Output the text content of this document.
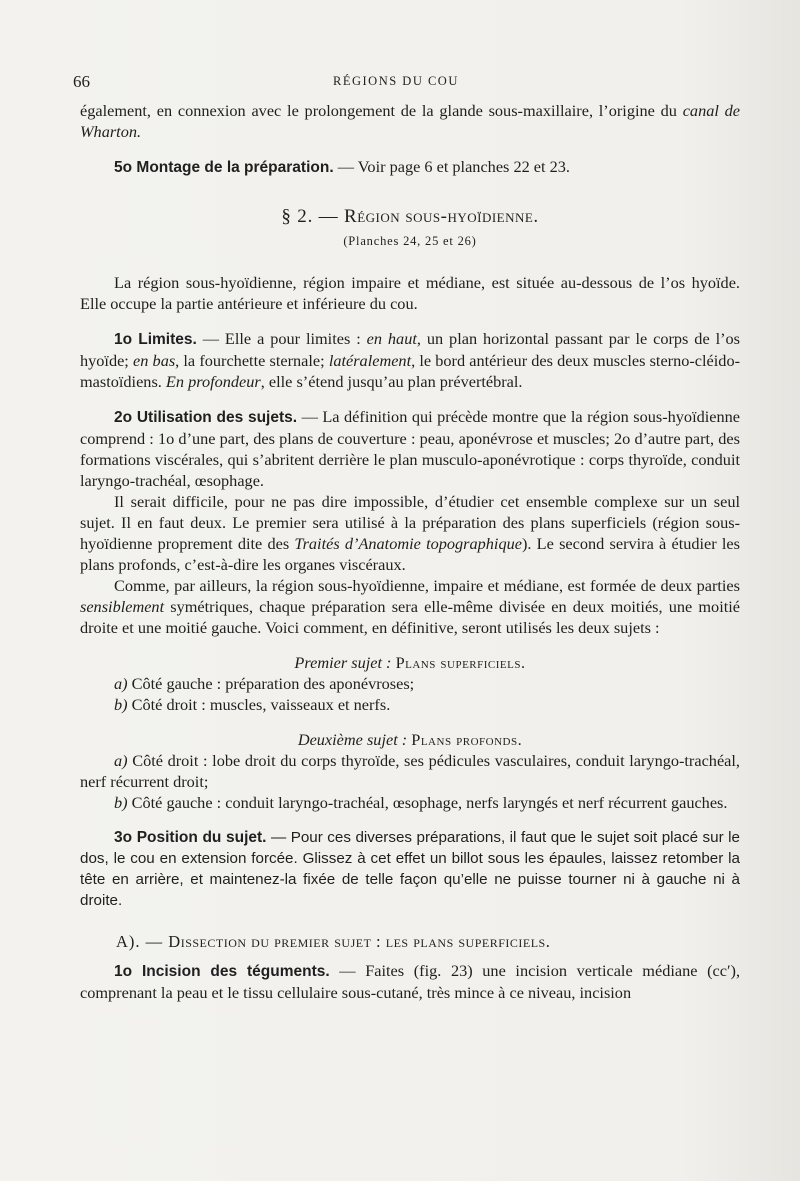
66	RÉGIONS DU COU

également, en connexion avec le prolongement de la glande sous-maxillaire, l’origine du canal de Wharton.

5o Montage de la préparation. — Voir page 6 et planches 22 et 23.

§ 2. — Région sous-hyoïdienne.

(Planches 24, 25 et 26)

La région sous-hyoïdienne, région impaire et médiane, est située au-dessous de l’os hyoïde. Elle occupe la partie antérieure et inférieure du cou.

1o Limites. — Elle a pour limites : en haut, un plan horizontal passant par le corps de l’os hyoïde; en bas, la fourchette sternale; latéralement, le bord antérieur des deux muscles sterno-cléido-mastoïdiens. En profondeur, elle s’étend jusqu’au plan prévertébral.

2o Utilisation des sujets. — La définition qui précède montre que la région sous-hyoïdienne comprend : 1o d’une part, des plans de couverture : peau, aponévrose et muscles; 2o d’autre part, des formations viscérales, qui s’abritent derrière le plan musculo-aponévrotique : corps thyroïde, conduit laryngo-trachéal, œsophage.

Il serait difficile, pour ne pas dire impossible, d’étudier cet ensemble complexe sur un seul sujet. Il en faut deux. Le premier sera utilisé à la préparation des plans superficiels (région sous-hyoïdienne proprement dite des Traités d’Anatomie topographique). Le second servira à étudier les plans profonds, c’est-à-dire les organes viscéraux.

Comme, par ailleurs, la région sous-hyoïdienne, impaire et médiane, est formée de deux parties sensiblement symétriques, chaque préparation sera elle-même divisée en deux moitiés, une moitié droite et une moitié gauche. Voici comment, en définitive, seront utilisés les deux sujets :

Premier sujet : Plans superficiels.

a) Côté gauche : préparation des aponévroses;

b) Côté droit : muscles, vaisseaux et nerfs.

Deuxième sujet : Plans profonds.

a) Côté droit : lobe droit du corps thyroïde, ses pédicules vasculaires, conduit laryngo-trachéal, nerf récurrent droit;

b) Côté gauche : conduit laryngo-trachéal, œsophage, nerfs laryngés et nerf récurrent gauches.

3o Position du sujet. — Pour ces diverses préparations, il faut que le sujet soit placé sur le dos, le cou en extension forcée. Glissez à cet effet un billot sous les épaules, laissez retomber la tête en arrière, et maintenez-la fixée de telle façon qu’elle ne puisse tourner ni à gauche ni à droite.

A). — Dissection du premier sujet : les plans superficiels.

1o Incision des téguments. — Faites (fig. 23) une incision verticale médiane (cc′), comprenant la peau et le tissu cellulaire sous-cutané, très mince à ce niveau, incision
